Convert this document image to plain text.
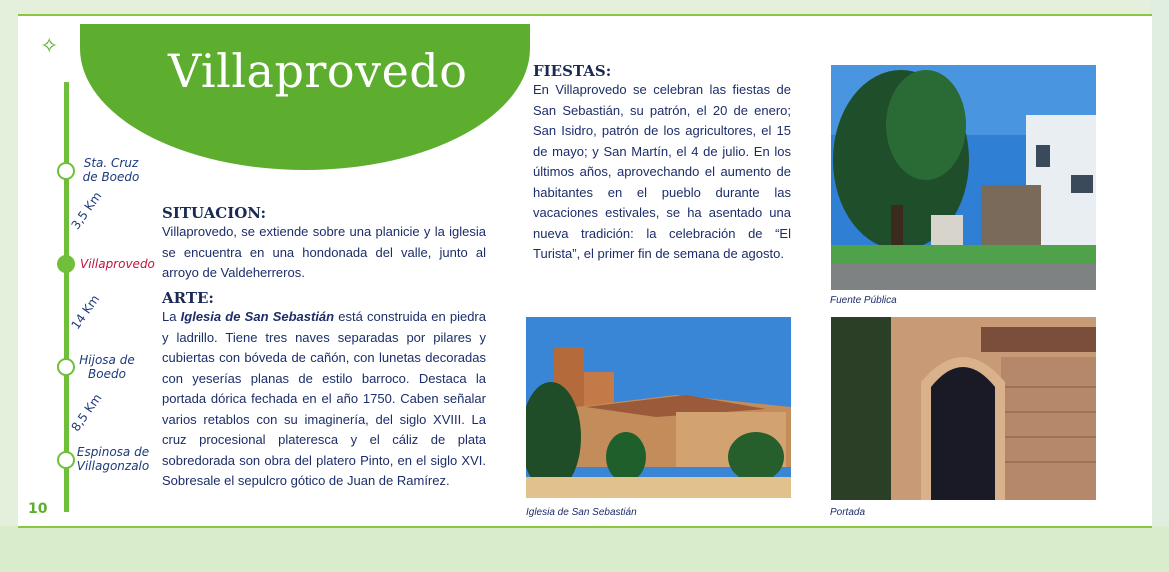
Villaprovedo
✧
Sta. Cruz de Boedo
3,5 Km
Villaprovedo
14 Km
Hijosa de Boedo
8,5 Km
Espinosa de Villagonzalo
10
SITUACION:
Villaprovedo, se extiende sobre una planicie y la iglesia se encuentra en una hondonada del valle, junto al arroyo de Valdeherreros.
ARTE:
La Iglesia de San Sebastián está construida en piedra y ladrillo. Tiene tres naves separadas por pilares y cubiertas con bóveda de cañón, con lunetas decoradas con yeserías planas de estilo barroco. Destaca la portada dórica fechada en el año 1750. Caben señalar varios retablos con su imaginería, del siglo XVIII. La cruz procesional plateresca y el cáliz de plata sobredorada son obra del platero Pinto, en el siglo XVI. Sobresale el sepulcro gótico de Juan de Ramírez.
FIESTAS:
En Villaprovedo se celebran las fiestas de San Sebastián, su patrón, el 20 de enero; San Isidro, patrón de los agricultores, el 15 de mayo; y San Martín, el 4 de julio. En los últimos años, aprovechando el aumento de habitantes en el pueblo durante las vacaciones estivales, se ha asentado una nueva tradición: la celebración de “El Turista”, el primer fin de semana de agosto.
Fuente Pública
Iglesia de San Sebastián	Portada
